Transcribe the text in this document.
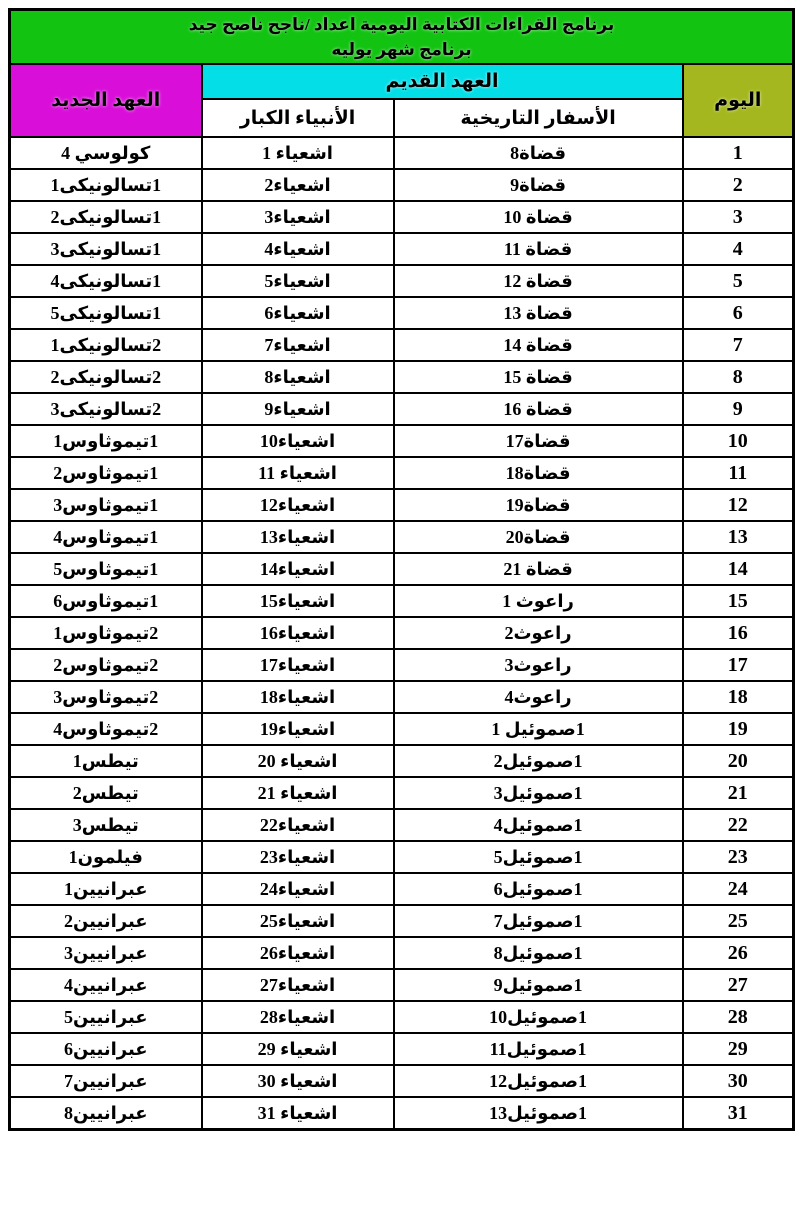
برنامج القراءات الكتابية اليومية اعداد /ناجح ناصح جيد
برنامج شهر يوليه			

اليوم	العهد القديم		العهد الجديد
	الأسفار التاريخية	الأنبياء الكبار	
1	قضاة8	اشعياء 1	كولوسي 4
2	قضاة9	اشعياء2	1تسالونيكى1
3	قضاة 10	اشعياء3	1تسالونيكى2
4	قضاة 11	اشعياء4	1تسالونيكى3
5	قضاة 12	اشعياء5	1تسالونيكى4
6	قضاة 13	اشعياء6	1تسالونيكى5
7	قضاة 14	اشعياء7	2تسالونيكى1
8	قضاة 15	اشعياء8	2تسالونيكى2
9	قضاة 16	اشعياء9	2تسالونيكى3
10	قضاة17	اشعياء10	1تيموثاوس1
11	قضاة18	اشعياء 11	1تيموثاوس2
12	قضاة19	اشعياء12	1تيموثاوس3
13	قضاة20	اشعياء13	1تيموثاوس4
14	قضاة 21	اشعياء14	1تيموثاوس5
15	راعوث 1	اشعياء15	1تيموثاوس6
16	راعوث2	اشعياء16	2تيموثاوس1
17	راعوث3	اشعياء17	2تيموثاوس2
18	راعوث4	اشعياء18	2تيموثاوس3
19	1صموئيل 1	اشعياء19	2تيموثاوس4
20	1صموئيل2	اشعياء 20	تيطس1
21	1صموئيل3	اشعياء 21	تيطس2
22	1صموئيل4	اشعياء22	تيطس3
23	1صموئيل5	اشعياء23	فيلمون1
24	1صموئيل6	اشعياء24	عبرانيين1
25	1صموئيل7	اشعياء25	عبرانيين2
26	1صموئيل8	اشعياء26	عبرانيين3
27	1صموئيل9	اشعياء27	عبرانيين4
28	1صموئيل10	اشعياء28	عبرانيين5
29	1صموئيل11	اشعياء 29	عبرانيين6
30	1صموئيل12	اشعياء 30	عبرانيين7
31	1صموئيل13	اشعياء 31	عبرانيين8
